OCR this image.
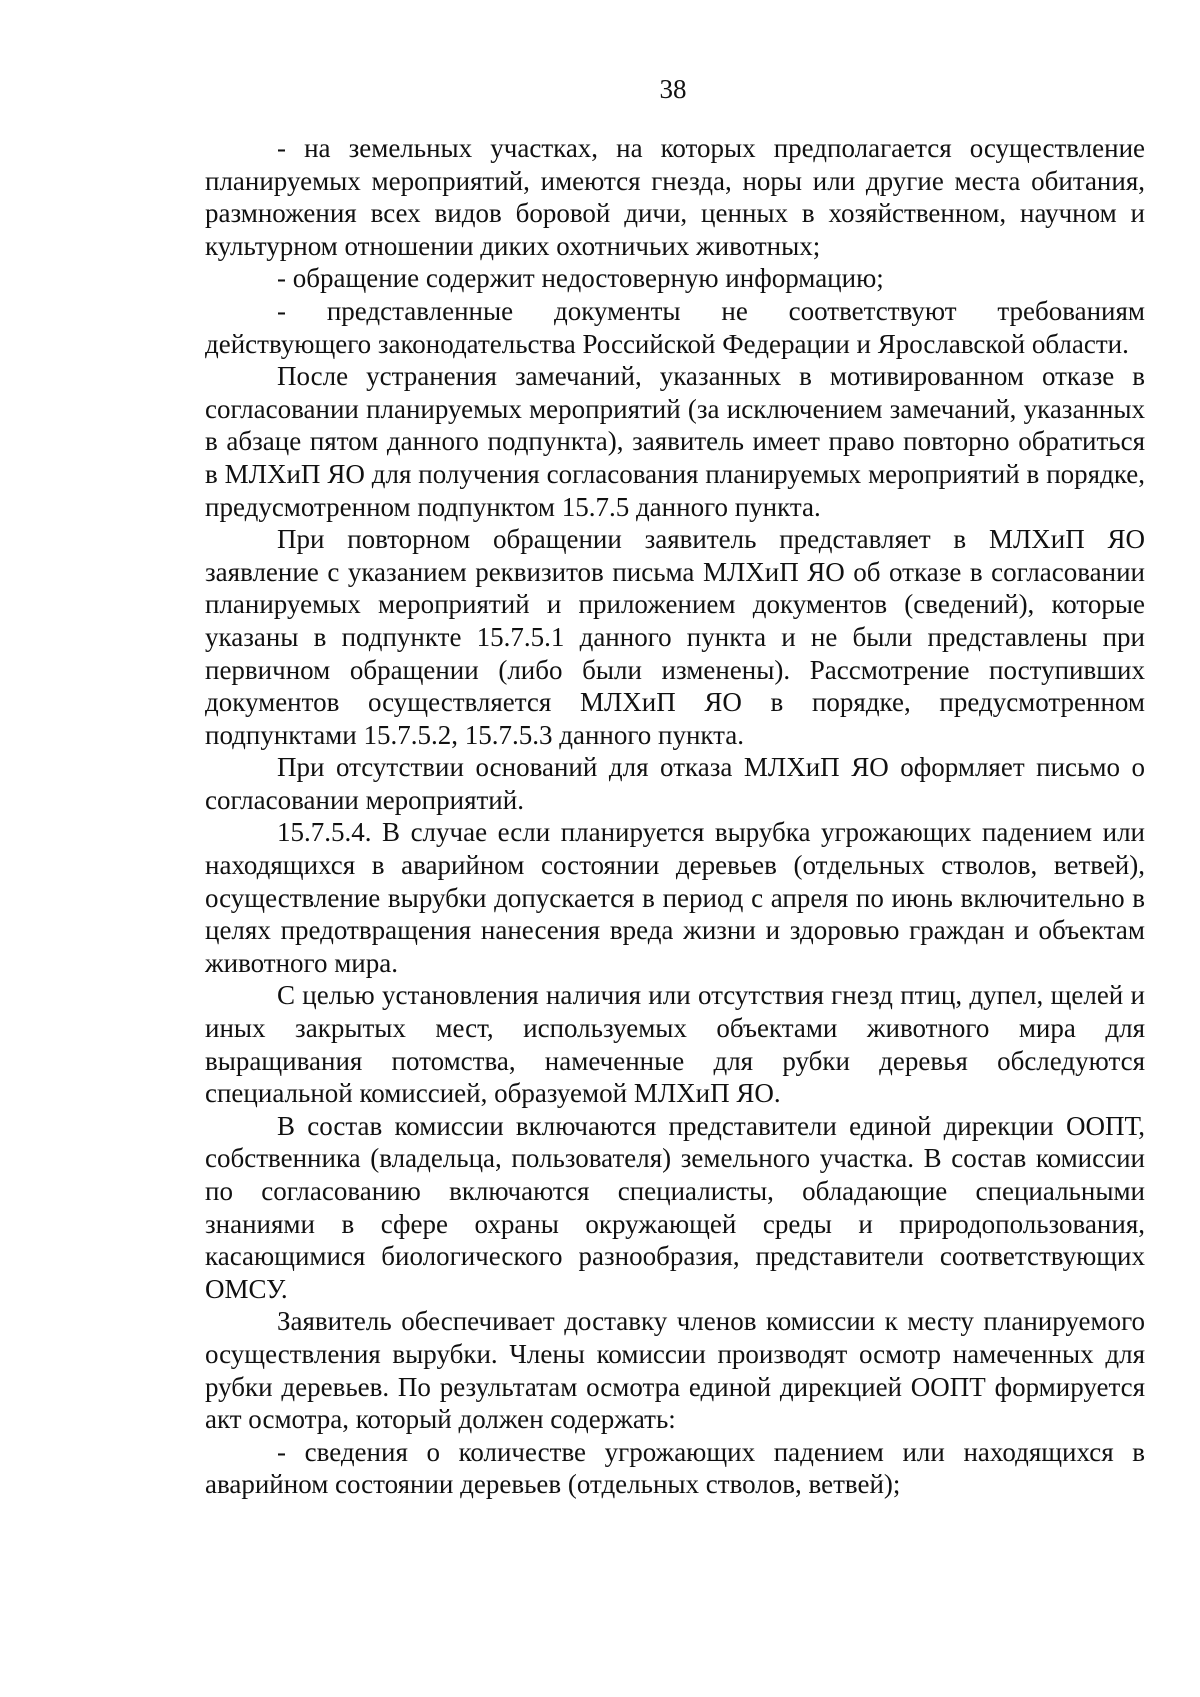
38

- на земельных участках, на которых предполагается осуществление планируемых мероприятий, имеются гнезда, норы или другие места обитания, размножения всех видов боровой дичи, ценных в хозяйственном, научном и культурном отношении диких охотничьих животных;

- обращение содержит недостоверную информацию;

- представленные документы не соответствуют требованиям действующего законодательства Российской Федерации и Ярославской области.

После устранения замечаний, указанных в мотивированном отказе в согласовании планируемых мероприятий (за исключением замечаний, указанных в абзаце пятом данного подпункта), заявитель имеет право повторно обратиться в МЛХиП ЯО для получения согласования планируемых мероприятий в порядке, предусмотренном подпунктом 15.7.5 данного пункта.

При повторном обращении заявитель представляет в МЛХиП ЯО заявление с указанием реквизитов письма МЛХиП ЯО об отказе в согласовании планируемых мероприятий и приложением документов (сведений), которые указаны в подпункте 15.7.5.1 данного пункта и не были представлены при первичном обращении (либо были изменены). Рассмотрение поступивших документов осуществляется МЛХиП ЯО в порядке, предусмотренном подпунктами 15.7.5.2, 15.7.5.3 данного пункта.

При отсутствии оснований для отказа МЛХиП ЯО оформляет письмо о согласовании мероприятий.

15.7.5.4. В случае если планируется вырубка угрожающих падением или находящихся в аварийном состоянии деревьев (отдельных стволов, ветвей), осуществление вырубки допускается в период с апреля по июнь включительно в целях предотвращения нанесения вреда жизни и здоровью граждан и объектам животного мира.

С целью установления наличия или отсутствия гнезд птиц, дупел, щелей и иных закрытых мест, используемых объектами животного мира для выращивания потомства, намеченные для рубки деревья обследуются специальной комиссией, образуемой МЛХиП ЯО.

В состав комиссии включаются представители единой дирекции ООПТ, собственника (владельца, пользователя) земельного участка. В состав комиссии по согласованию включаются специалисты, обладающие специальными знаниями в сфере охраны окружающей среды и природопользования, касающимися биологического разнообразия, представители соответствующих ОМСУ.

Заявитель обеспечивает доставку членов комиссии к месту планируемого осуществления вырубки. Члены комиссии производят осмотр намеченных для рубки деревьев. По результатам осмотра единой дирекцией ООПТ формируется акт осмотра, который должен содержать:

- сведения о количестве угрожающих падением или находящихся в аварийном состоянии деревьев (отдельных стволов, ветвей);
